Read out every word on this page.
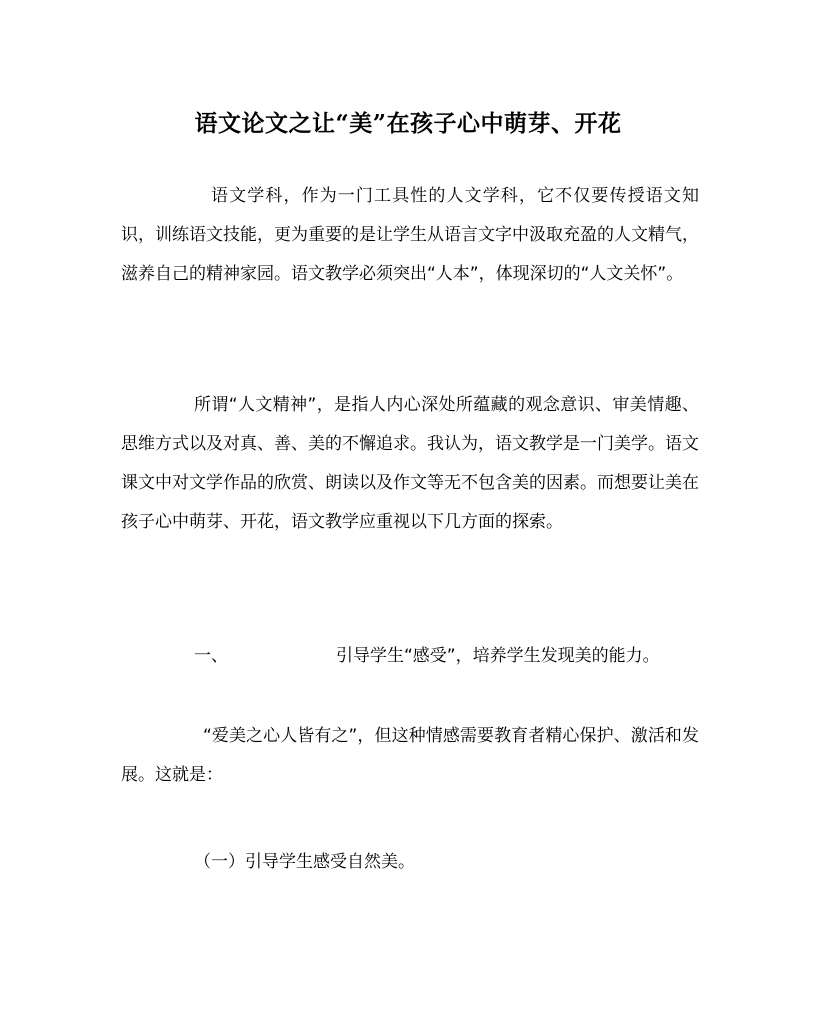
语文论文之让“美”在孩子心中萌芽、开花

语文学科，作为一门工具性的人文学科，它不仅要传授语文知识，训练语文技能，更为重要的是让学生从语言文字中汲取充盈的人文精气，滋养自己的精神家园。语文教学必须突出“人本”，体现深切的“人文关怀”。

所谓“人文精神”，是指人内心深处所蕴藏的观念意识、审美情趣、思维方式以及对真、善、美的不懈追求。我认为，语文教学是一门美学。语文课文中对文学作品的欣赏、朗读以及作文等无不包含美的因素。而想要让美在孩子心中萌芽、开花，语文教学应重视以下几方面的探索。

一、	引导学生“感受”，培养学生发现美的能力。

“爱美之心人皆有之”，但这种情感需要教育者精心保护、激活和发展。这就是：

（一）引导学生感受自然美。
